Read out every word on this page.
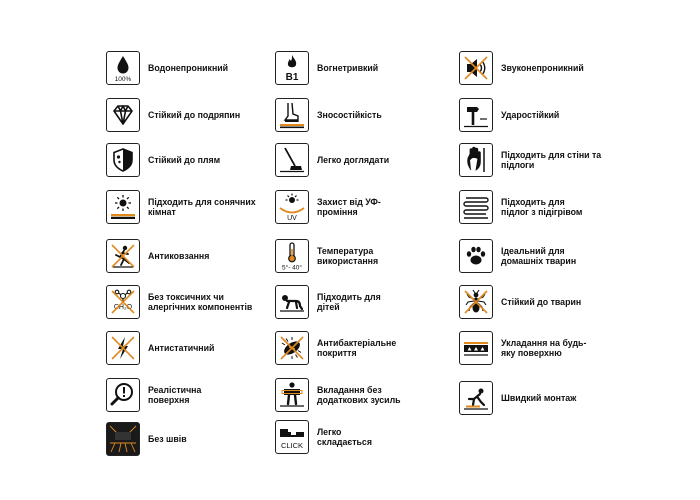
100%
Водонепроникний
Стійкий до подряпин
Стійкий до плям
Підходить для сонячних
кімнат
Антиковзання
CH₂O
Без токсичних чи
алергічних компонентів
Антистатичний
Реалістична
поверхня
Без швів
B1
Вогнетривкий
Зносостійкість
Легко доглядати
UV
Захист від УФ-
проміння
5°- 40°
Температура
використання
Підходить для
дітей
Антибактеріальне
покриття
Вкладання без
додаткових зусиль
CLICK
Легко
складається
Звуконепроникний
Ударостійкий
Підходить для стіни та
підлоги
Підходить для
підлог з підігрівом
Ідеальний для
домашніх тварин
Стійкий до тварин
Укладання на будь-
яку поверхню
Швидкий монтаж
